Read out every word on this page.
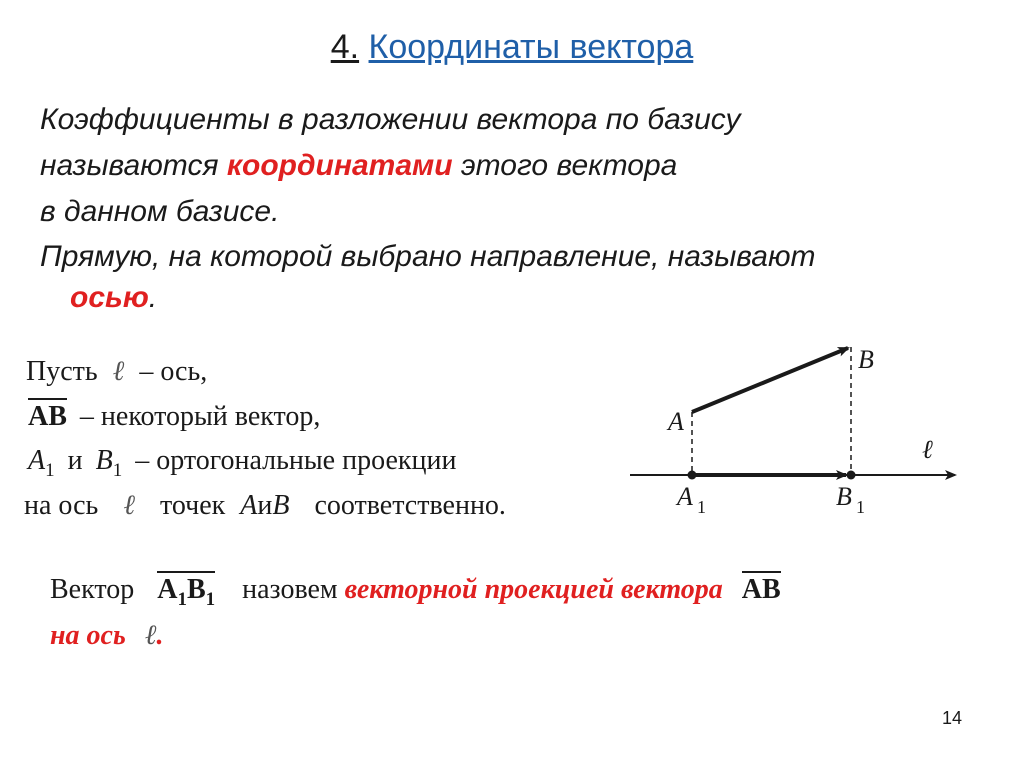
4. Координаты вектора
Коэффициенты в разложении вектора по базису
называются координатами этого вектора
в данном базисе.
Прямую, на которой выбрано направление, называют
осью.
Пусть ℓ – ось,
AB – некоторый вектор,
$A_1$ и $B_1$ – ортогональные проекции
на ось ℓ точек AиB соответственно.
A
B
A 1	B 1
ℓ
Вектор $A_1B_1$ назовем векторной проекцией вектора AB
на ось ℓ.
14
